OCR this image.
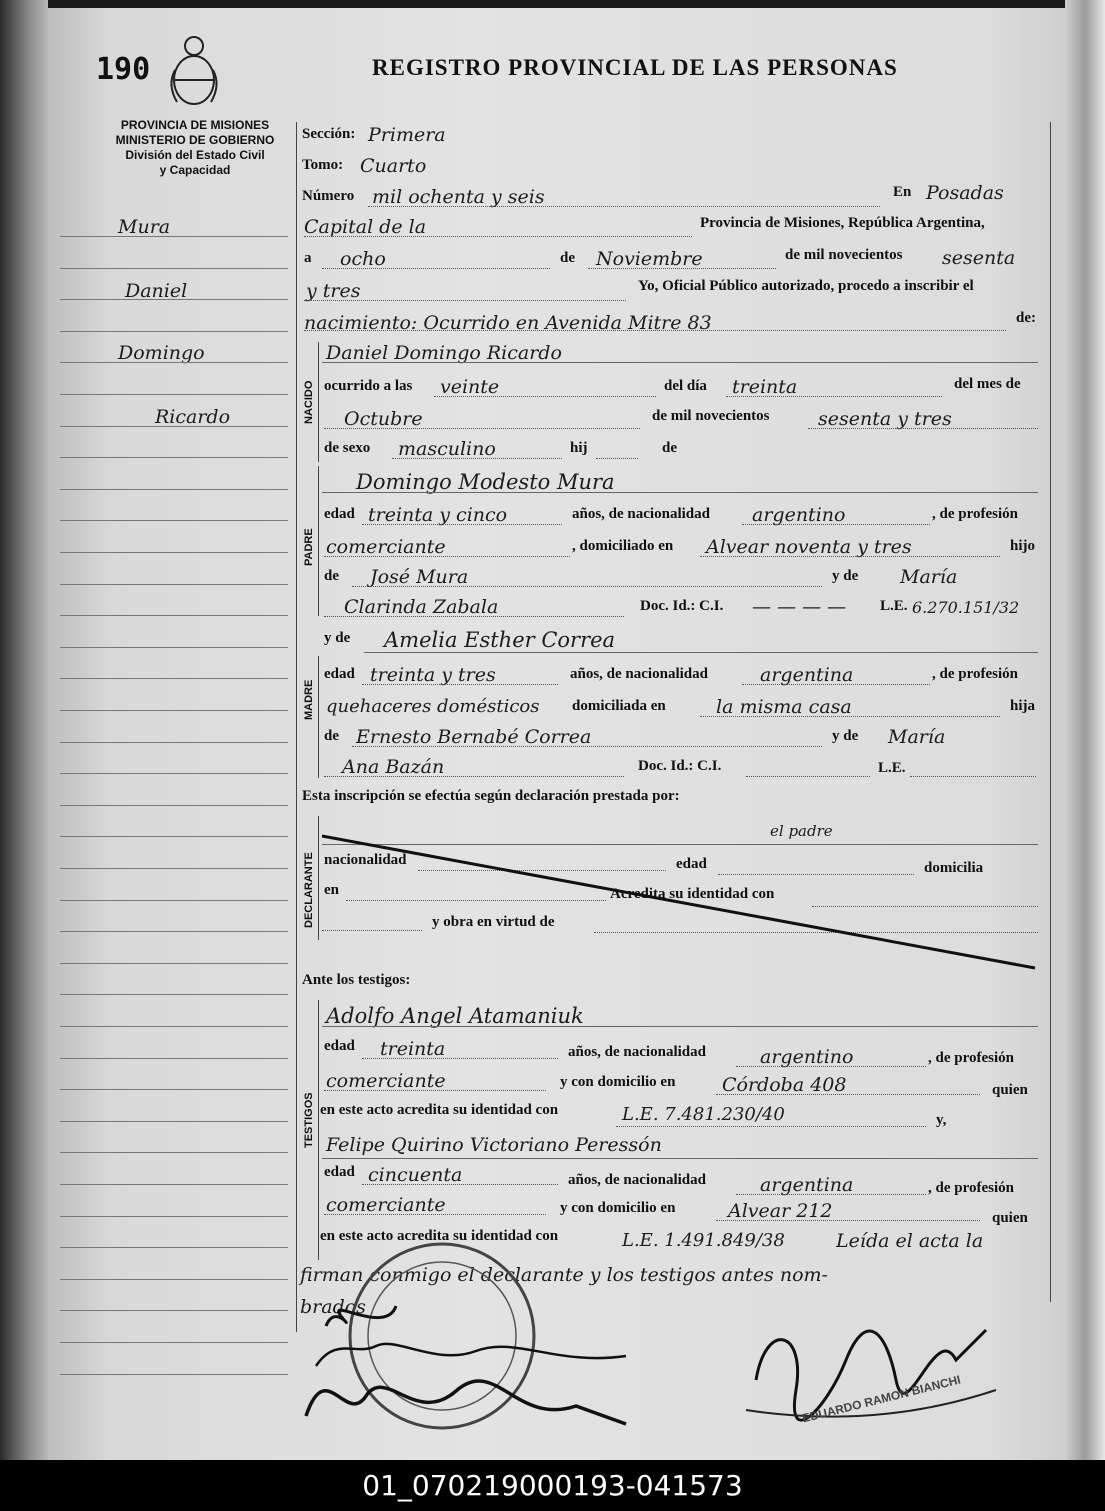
190	REGISTRO PROVINCIAL DE LAS PERSONAS
PROVINCIA DE MISIONES
MINISTERIO DE GOBIERNO
División del Estado Civil
y Capacidad
Mura
Daniel
Domingo
Ricardo
Sección: Primera
Tomo: Cuarto
Número mil ochenta y seis	En Posadas
Capital de la	Provincia de Misiones, República Argentina,
a ocho	de Noviembre	de mil novecientos sesenta
y tres	Yo, Oficial Público autorizado, procedo a inscribir el
nacimiento: Ocurrido en Avenida Mitre 83	de:
NACIDO
Daniel Domingo Ricardo
ocurrido a las veinte	del día treinta	del mes de
Octubre	de mil novecientos	sesenta y tres
de sexo masculino	hij	de
PADRE
Domingo Modesto Mura
edad treinta y cinco	años, de nacionalidad argentino	, de profesión
comerciante	, domiciliado en Alvear noventa y tres	hijo
de José Mura	y de María
Clarinda Zabala	Doc. Id.: C.I. — — — — L.E. 6.270.151/32
MADRE
y de Amelia Esther Correa
edad treinta y tres	años, de nacionalidad	argentina	, de profesión
quehaceres domésticos domiciliada en	la misma casa	hija
de Ernesto Bernabé Correa	y de María
Ana Bazán	Doc. Id.: C.I.	L.E.
Esta inscripción se efectúa según declaración prestada por:
DECLARANTE
el padre
nacionalidad	edad	domicilia
en	Acredita su identidad con
y obra en virtud de
Ante los testigos:
TESTIGOS
Adolfo Angel Atamaniuk
edad treinta	años, de nacionalidad	argentino	, de profesión
comerciante	y con domicilio en Córdoba 408	quien
en este acto acredita su identidad con	L.E. 7.481.230/40	y,
Felipe Quirino Victoriano Peressón
edad cincuenta	años, de nacionalidad	argentina	, de profesión
comerciante	y con domicilio en	Alvear 212	quien
en este acto acredita su identidad con	L.E. 1.491.849/38	Leída el acta la
firman conmigo el declarante y los testigos antes nom-
brados
EDUARDO RAMON BIANCHI
01_070219000193-041573
